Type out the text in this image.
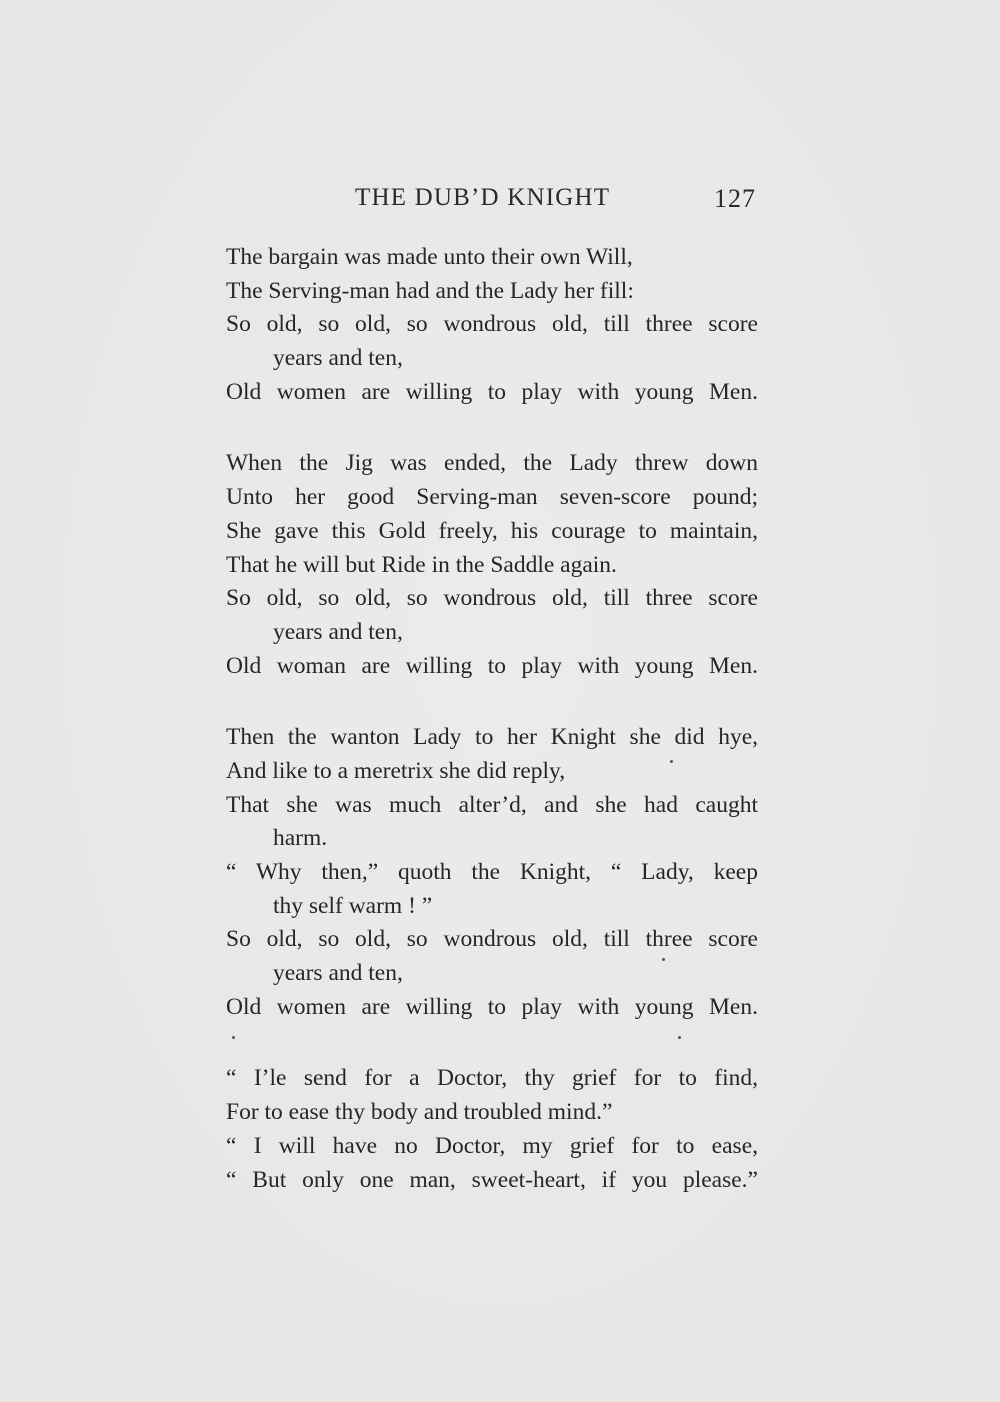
THE DUB’D KNIGHT	127
The bargain was made unto their own Will,
The Serving-man had and the Lady her fill:
So old, so old, so wondrous old, till three score
years and ten,
Old women are willing to play with young Men.
When the Jig was ended, the Lady threw down
Unto her good Serving-man seven-score pound;
She gave this Gold freely, his courage to maintain,
That he will but Ride in the Saddle again.
So old, so old, so wondrous old, till three score
years and ten,
Old woman are willing to play with young Men.
Then the wanton Lady to her Knight she did hye,
And like to a meretrix she did reply,
That she was much alter’d, and she had caught
harm.
“ Why then,” quoth the Knight, “ Lady, keep
thy self warm ! ”
So old, so old, so wondrous old, till three score
years and ten,
Old women are willing to play with young Men.
“ I’le send for a Doctor, thy grief for to find,
For to ease thy body and troubled mind.”
“ I will have no Doctor, my grief for to ease,
“ But only one man, sweet-heart, if you please.”
